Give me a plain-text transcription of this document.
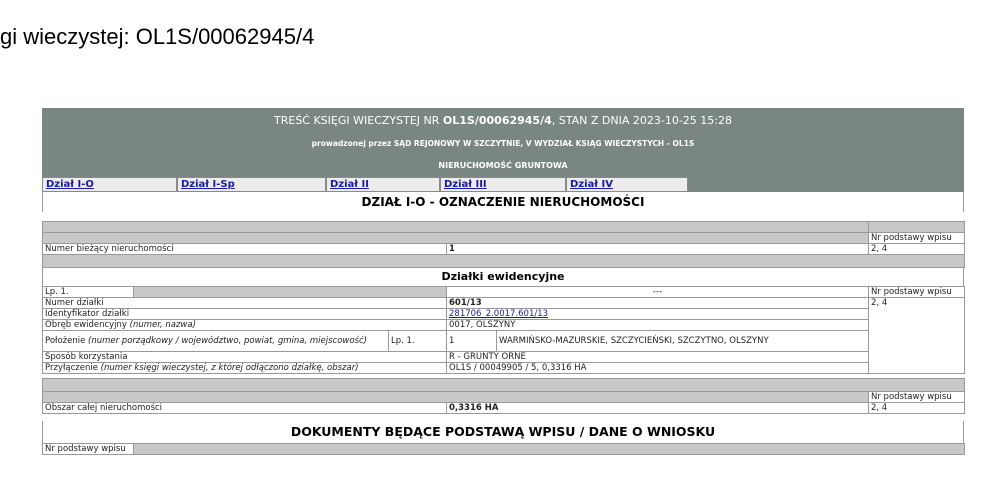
gi wieczystej: OL1S/00062945/4
TREŚĆ KSIĘGI WIECZYSTEJ NR OL1S/00062945/4, STAN Z DNIA 2023-10-25 15:28
prowadzonej przez SĄD REJONOWY W SZCZYTNIE, V WYDZIAŁ KSIĄG WIECZYSTYCH - OL1S
NIERUCHOMOŚĆ GRUNTOWA
Dział I-O	Dział I-Sp	Dział II	Dział III	Dział IV
DZIAŁ I-O - OZNACZENIE NIERUCHOMOŚCI

		Nr podstawy wpisu
Numer bieżący nieruchomości	1	2, 4

Działki ewidencyjne
Lp. 1.			---		Nr podstawy wpisu
Numer działki			601/13		2, 4
Identyfikator działki			281706_2.0017.601/13		
Obręb ewidencyjny (numer, nazwa)			0017, OLSZYNY		
Położenie (numer porządkowy / województwo, powiat, gmina, miejscowość)		Lp. 1.	1	WARMIŃSKO-MAZURSKIE, SZCZYCIEŃSKI, SZCZYTNO, OLSZYNY	
Sposób korzystania			R - GRUNTY ORNE		
Przyłączenie (numer księgi wieczystej, z której odłączono działkę, obszar)			OL1S / 00049905 / 5, 0,3316 HA		

		Nr podstawy wpisu
Obszar całej nieruchomości	0,3316 HA	2, 4
DOKUMENTY BĘDĄCE PODSTAWĄ WPISU / DANE O WNIOSKU
Nr podstawy wpisu	
